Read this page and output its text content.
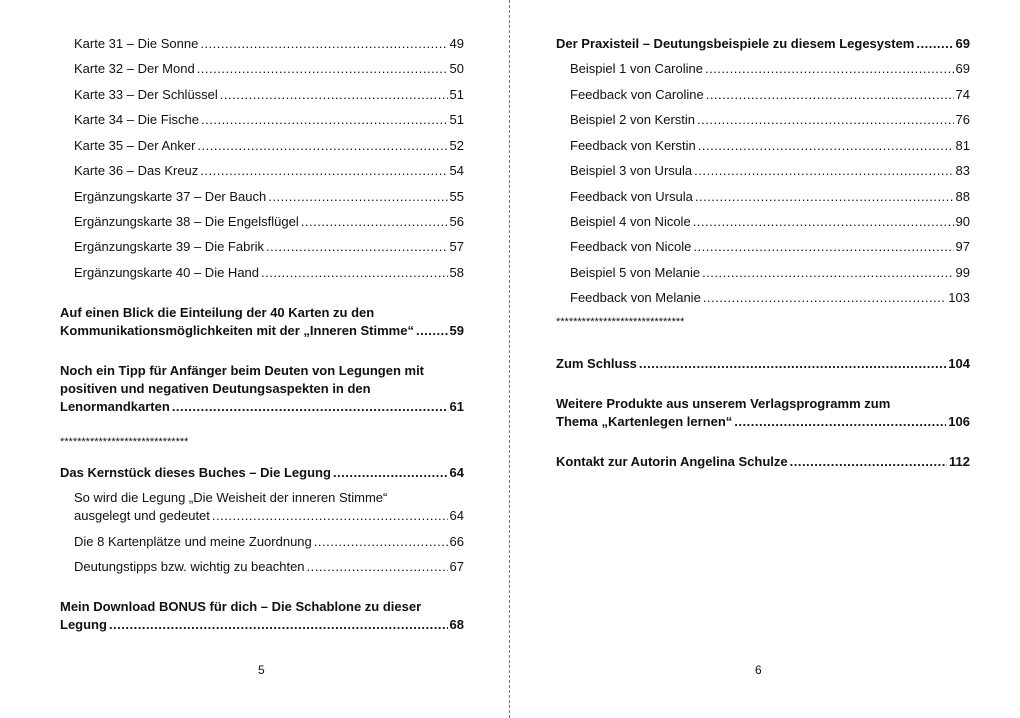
Karte 31 – Die Sonne .....	49
Karte 32 – Der Mond .....	50
Karte 33 – Der Schlüssel .....	51
Karte 34 – Die Fische .....	51
Karte 35 – Der Anker .....	52
Karte 36 – Das Kreuz .....	54
Ergänzungskarte 37 – Der Bauch .....	55
Ergänzungskarte 38 – Die Engelsflügel .....	56
Ergänzungskarte 39 – Die Fabrik .....	57
Ergänzungskarte 40 – Die Hand .....	58
Auf einen Blick die Einteilung der 40 Karten zu den
Kommunikationsmöglichkeiten mit der „Inneren Stimme“ .....	59
Noch ein Tipp für Anfänger beim Deuten von Legungen mit
positiven und negativen Deutungsaspekten in den
Lenormandkarten .....	61
******************************
Das Kernstück dieses Buches – Die Legung .....	64
So wird die Legung „Die Weisheit der inneren Stimme“
ausgelegt und gedeutet .....	64
Die 8 Kartenplätze und meine Zuordnung .....	66
Deutungstipps bzw. wichtig zu beachten .....	67
Mein Download BONUS für dich – Die Schablone zu dieser
Legung .....	68
5
Der Praxisteil – Deutungsbeispiele zu diesem Legesystem .....	69
Beispiel 1 von Caroline .....	69
Feedback von Caroline .....	74
Beispiel 2 von Kerstin .....	76
Feedback von Kerstin .....	81
Beispiel 3 von Ursula .....	83
Feedback von Ursula .....	88
Beispiel 4 von Nicole .....	90
Feedback von Nicole .....	97
Beispiel 5 von Melanie .....	99
Feedback von Melanie .....	103
******************************
Zum Schluss .....	104
Weitere Produkte aus unserem Verlagsprogramm zum
Thema „Kartenlegen lernen“ .....	106
Kontakt zur Autorin Angelina Schulze .....	112
6
